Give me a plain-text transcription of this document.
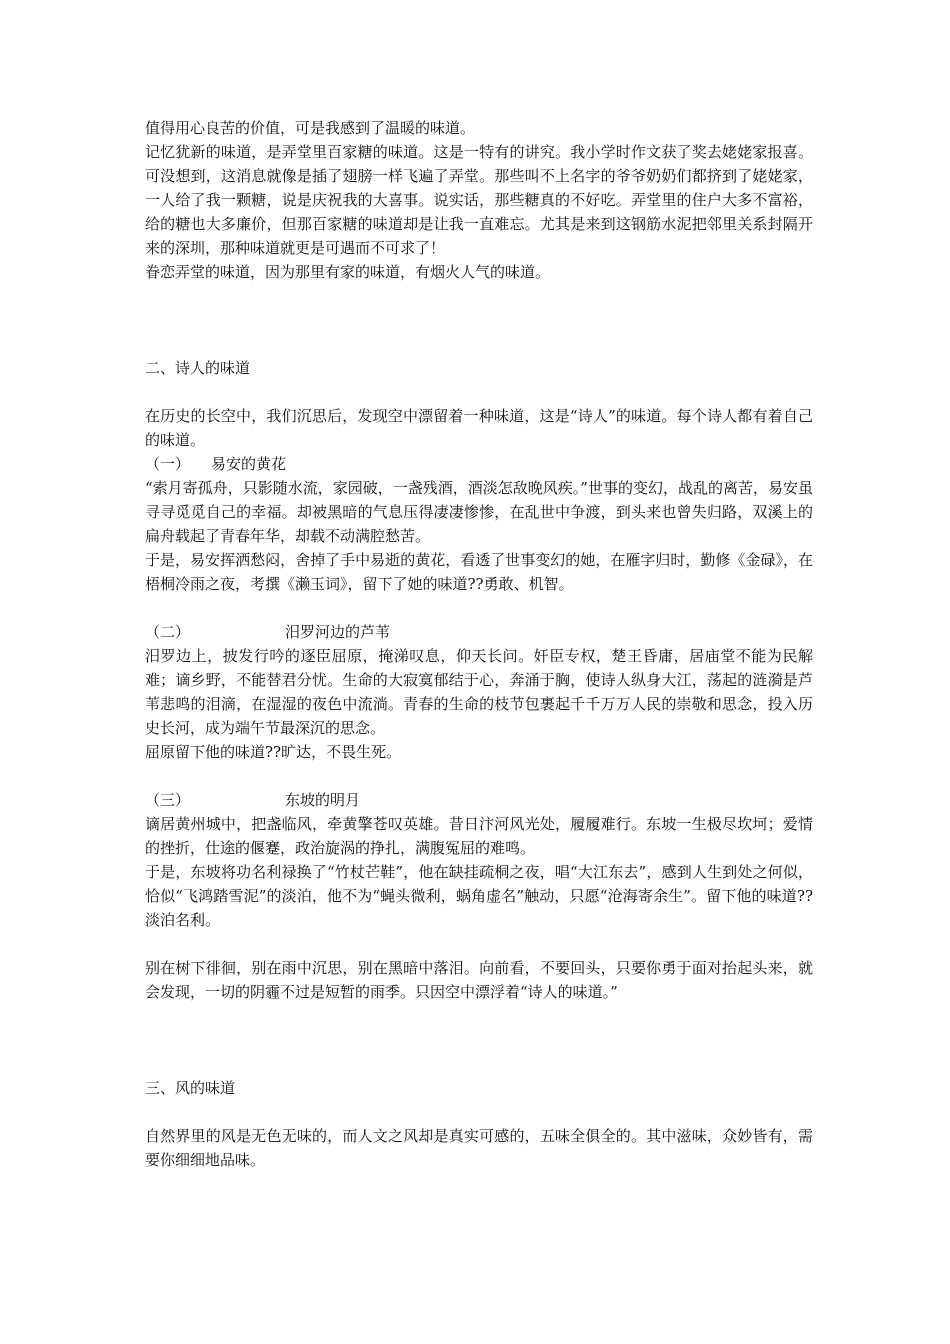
值得用心良苦的价值，可是我感到了温暖的味道。

记忆犹新的味道，是弄堂里百家糖的味道。这是一特有的讲究。我小学时作文获了奖去姥姥家报喜。可没想到，这消息就像是插了翅膀一样飞遍了弄堂。那些叫不上名字的爷爷奶奶们都挤到了姥姥家，一人给了我一颗糖，说是庆祝我的大喜事。说实话，那些糖真的不好吃。弄堂里的住户大多不富裕，给的糖也大多廉价，但那百家糖的味道却是让我一直难忘。尤其是来到这钢筋水泥把邻里关系封隔开来的深圳，那种味道就更是可遇而不可求了！

眷恋弄堂的味道，因为那里有家的味道，有烟火人气的味道。

二、诗人的味道

在历史的长空中，我们沉思后，发现空中漂留着一种味道，这是“诗人”的味道。每个诗人都有着自己的味道。

（一） 易安的黄花

“索月寄孤舟，只影随水流，家园破，一盏残酒，酒淡怎敌晚风疾。”世事的变幻，战乱的离苦，易安虽寻寻觅觅自己的幸福。却被黑暗的气息压得凄凄惨惨，在乱世中争渡，到头来也曾失归路，双溪上的扁舟载起了青春年华，却载不动满腔愁苦。

于是，易安挥洒愁闷，舍掉了手中易逝的黄花，看透了世事变幻的她，在雁字归时，勤修《金碌》，在梧桐冷雨之夜，考撰《濑玉词》，留下了她的味道??勇敢、机智。

（二）	汨罗河边的芦苇

汨罗边上，披发行吟的逐臣屈原，掩涕叹息，仰天长问。奸臣专权，楚王昏庸，居庙堂不能为民解难；谪乡野，不能替君分忧。生命的大寂寞郁结于心，奔涌于胸，使诗人纵身大江，荡起的涟漪是芦苇悲鸣的泪滴，在湿湿的夜色中流淌。青春的生命的枝节包裹起千千万万人民的崇敬和思念，投入历史长河，成为端午节最深沉的思念。

屈原留下他的味道??旷达，不畏生死。

（三）	东坡的明月

谪居黄州城中，把盏临风，牵黄擎苍叹英雄。昔日汴河风光处，履履难行。东坡一生极尽坎坷；爱情的挫折，仕途的偃蹇，政治旋涡的挣扎，满腹冤屈的难鸣。

于是，东坡将功名利禄换了“竹杖芒鞋”，他在缺挂疏桐之夜，唱“大江东去”，感到人生到处之何似，恰似“飞鸿踏雪泥”的淡泊，他不为“蝇头微利，蜗角虚名”触动，只愿“沧海寄余生”。留下他的味道??淡泊名利。

别在树下徘徊，别在雨中沉思，别在黑暗中落泪。向前看，不要回头，只要你勇于面对抬起头来，就会发现，一切的阴霾不过是短暂的雨季。只因空中漂浮着“诗人的味道。”

三、风的味道

自然界里的风是无色无味的，而人文之风却是真实可感的，五味全俱全的。其中滋味，众妙皆有，需要你细细地品味。
